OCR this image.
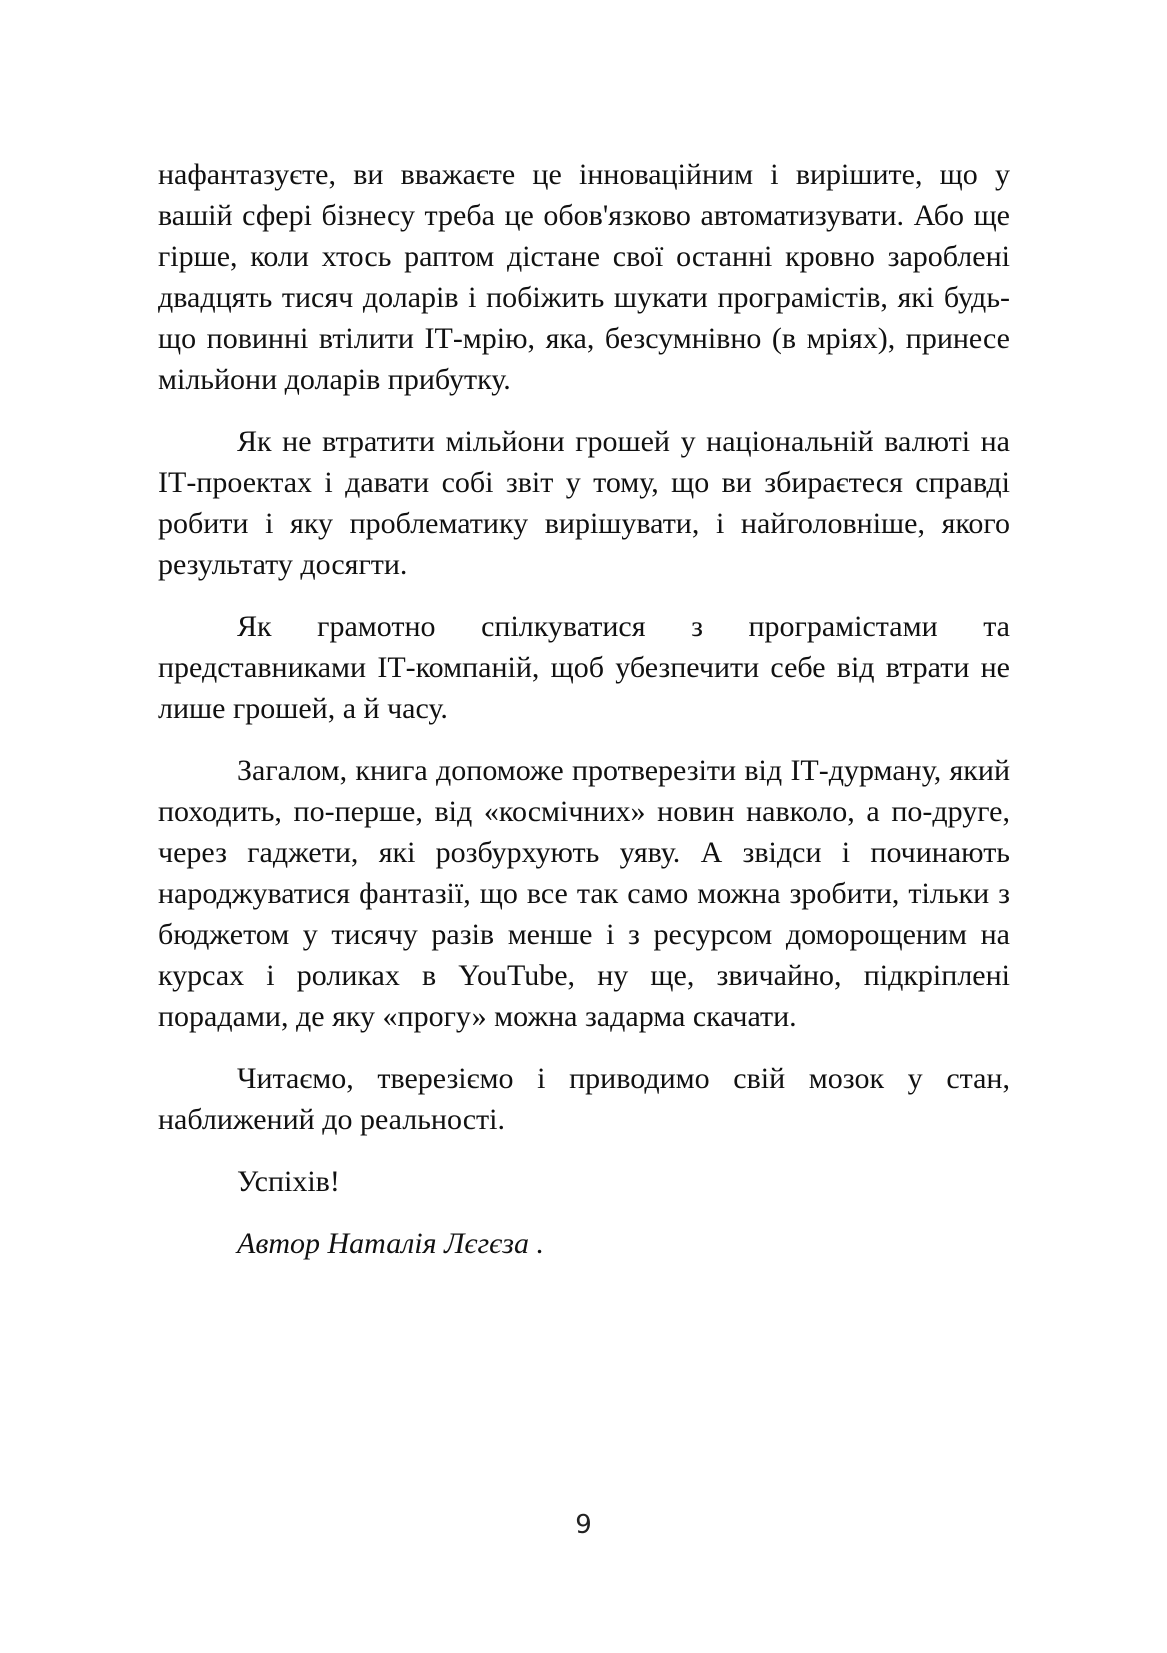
нафантазуєте, ви вважаєте це інноваційним і вирішите, що у вашій сфері бізнесу треба це обов'язково автоматизувати. Або ще гірше, коли хтось раптом дістане свої останні кровно зароблені двадцять тисяч доларів і побіжить шукати програмістів, які будь-що повинні втілити ІТ-мрію, яка, безсумнівно (в мріях), принесе мільйони доларів прибутку.

Як не втратити мільйони грошей у національній валюті на ІТ-проектах і давати собі звіт у тому, що ви збираєтеся справді робити і яку проблематику вирішувати, і найголовніше, якого результату досягти.

Як грамотно спілкуватися з програмістами та представниками ІТ-компаній, щоб убезпечити себе від втрати не лише грошей, а й часу.

Загалом, книга допоможе протверезіти від ІТ-дурману, який походить, по-перше, від «космічних» новин навколо, а по-друге, через гаджети, які розбурхують уяву. А звідси і починають народжуватися фантазії, що все так само можна зробити, тільки з бюджетом у тисячу разів менше і з ресурсом доморощеним на курсах і роликах в YouTube, ну ще, звичайно, підкріплені порадами, де яку «прогу» можна задарма скачати.

Читаємо, тверезіємо і приводимо свій мозок у стан, наближений до реальності.

Успіхів!

Автор Наталія Лєгєза .

9
